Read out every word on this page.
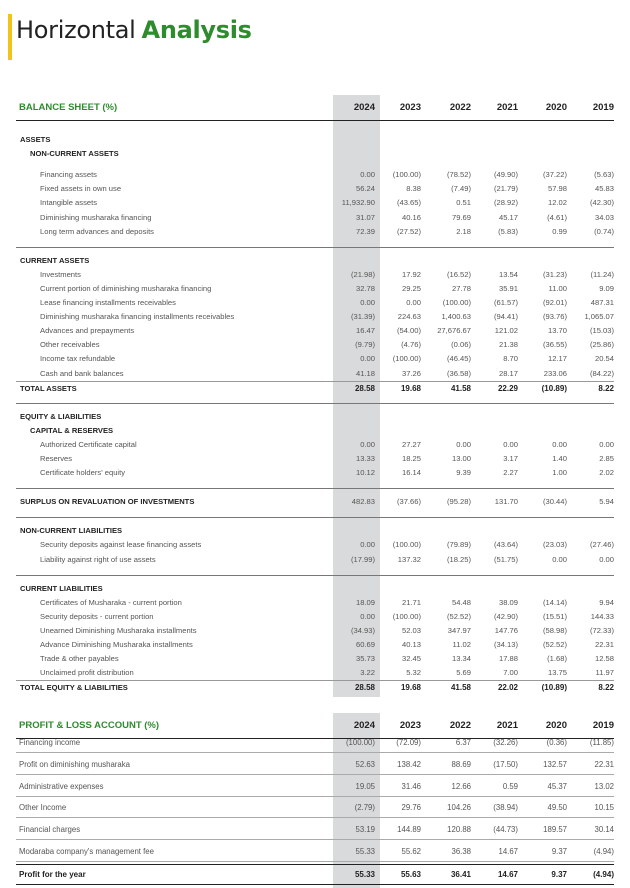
Horizontal Analysis
BALANCE SHEET (%)	2024	2023	2022	2021	2020	2019
ASSETS
NON-CURRENT ASSETS
Financing assets	0.00	(100.00)	(78.52)	(49.90)	(37.22)	(5.63)
Fixed assets in own use	56.24	8.38	(7.49)	(21.79)	57.98	45.83
Intangible assets	11,932.90	(43.65)	0.51	(28.92)	12.02	(42.30)
Diminishing musharaka financing	31.07	40.16	79.69	45.17	(4.61)	34.03
Long term advances and deposits	72.39	(27.52)	2.18	(5.83)	0.99	(0.74)
CURRENT ASSETS
Investments	(21.98)	17.92	(16.52)	13.54	(31.23)	(11.24)
Current portion of diminishing musharaka financing	32.78	29.25	27.78	35.91	11.00	9.09
Lease financing installments receivables	0.00	0.00	(100.00)	(61.57)	(92.01)	487.31
Diminishing musharaka financing installments receivables	(31.39)	224.63	1,400.63	(94.41)	(93.76)	1,065.07
Advances and prepayments	16.47	(54.00)	27,676.67	121.02	13.70	(15.03)
Other receivables	(9.79)	(4.76)	(0.06)	21.38	(36.55)	(25.86)
Income tax refundable	0.00	(100.00)	(46.45)	8.70	12.17	20.54
Cash and bank balances	41.18	37.26	(36.58)	28.17	233.06	(84.22)
TOTAL ASSETS	28.58	19.68	41.58	22.29	(10.89)	8.22
EQUITY & LIABILITIES
CAPITAL & RESERVES
Authorized Certificate capital	0.00	27.27	0.00	0.00	0.00	0.00
Reserves	13.33	18.25	13.00	3.17	1.40	2.85
Certificate holders' equity	10.12	16.14	9.39	2.27	1.00	2.02
SURPLUS ON REVALUATION OF INVESTMENTS	482.83	(37.66)	(95.28)	131.70	(30.44)	5.94
NON-CURRENT LIABILITIES
Security deposits against lease financing assets	0.00	(100.00)	(79.89)	(43.64)	(23.03)	(27.46)
Liability against right of use assets	(17.99)	137.32	(18.25)	(51.75)	0.00	0.00
CURRENT LIABILITIES
Certificates of Musharaka - current portion	18.09	21.71	54.48	38.09	(14.14)	9.94
Security deposits - current portion	0.00	(100.00)	(52.52)	(42.90)	(15.51)	144.33
Unearned Diminishing Musharaka installments	(34.93)	52.03	347.97	147.76	(58.98)	(72.33)
Advance Diminishing Musharaka installments	60.69	40.13	11.02	(34.13)	(52.52)	22.31
Trade & other payables	35.73	32.45	13.34	17.88	(1.68)	12.58
Unclaimed profit distribution	3.22	5.32	5.69	7.00	13.75	11.97
TOTAL EQUITY & LIABILITIES	28.58	19.68	41.58	22.02	(10.89)	8.22
PROFIT & LOSS ACCOUNT (%)	2024	2023	2022	2021	2020	2019
Financing income	(100.00)	(72.09)	6.37	(32.26)	(0.36)	(11.85)
Profit on diminishing musharaka	52.63	138.42	88.69	(17.50)	132.57	22.31
Administrative expenses	19.05	31.46	12.66	0.59	45.37	13.02
Other Income	(2.79)	29.76	104.26	(38.94)	49.50	10.15
Financial charges	53.19	144.89	120.88	(44.73)	189.57	30.14
Modaraba company's management fee	55.33	55.62	36.38	14.67	9.37	(4.94)
Profit for the year	55.33	55.63	36.41	14.67	9.37	(4.94)
